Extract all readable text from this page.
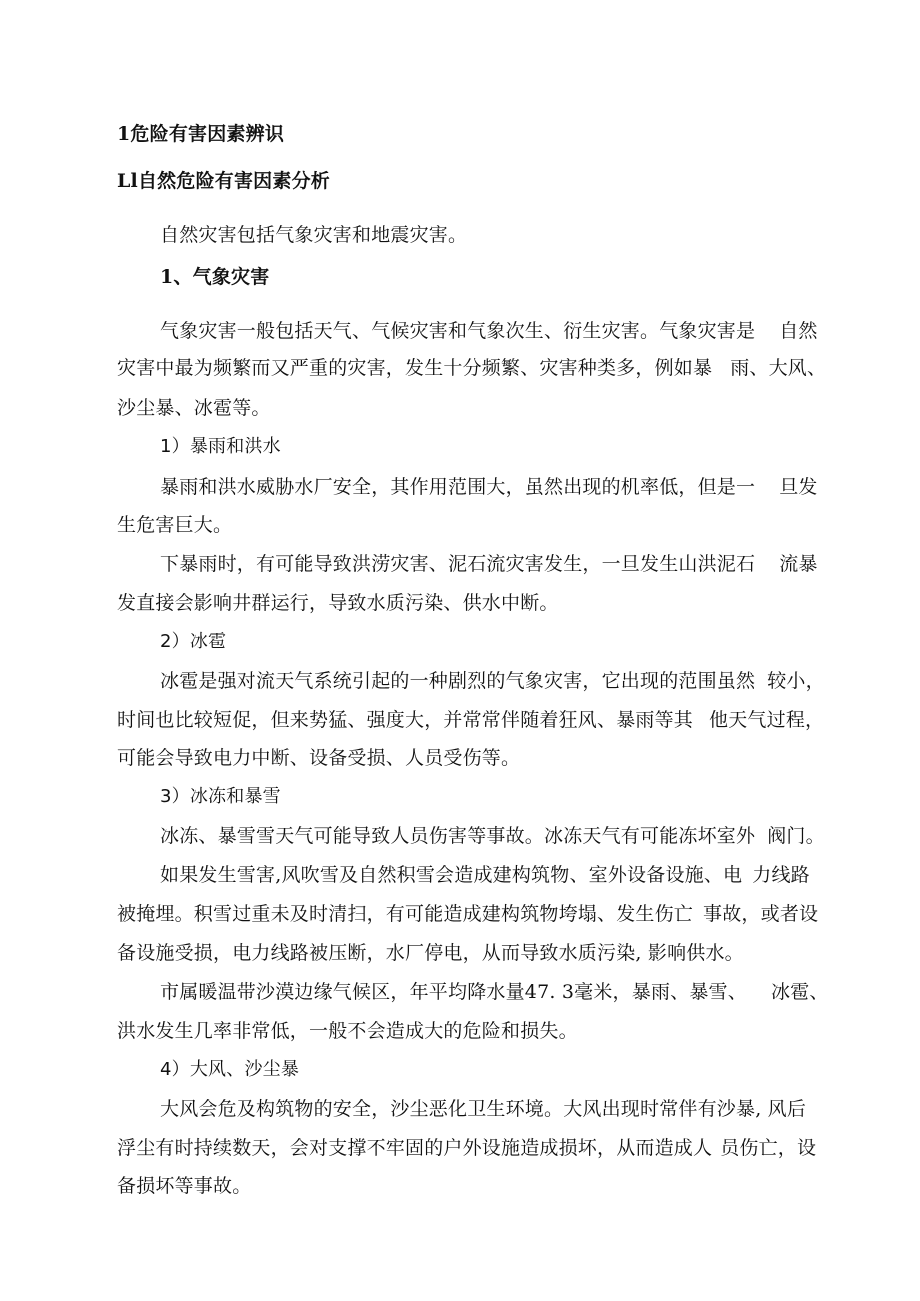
1危险有害因素辨识
Ll自然危险有害因素分析
自然灾害包括气象灾害和地震灾害。
1、气象灾害
气象灾害一般包括天气、气候灾害和气象次生、衍生灾害。气象灾害是 自然
灾害中最为频繁而又严重的灾害，发生十分频繁、灾害种类多，例如暴 雨、大风、
沙尘暴、冰雹等。
1）暴雨和洪水
暴雨和洪水威胁水厂安全，其作用范围大，虽然出现的机率低，但是一 旦发
生危害巨大。
下暴雨时，有可能导致洪涝灾害、泥石流灾害发生，一旦发生山洪泥石 流暴
发直接会影响井群运行，导致水质污染、供水中断。
2）冰雹
冰雹是强对流天气系统引起的一种剧烈的气象灾害，它出现的范围虽然 较小，
时间也比较短促，但来势猛、强度大，并常常伴随着狂风、暴雨等其 他天气过程，
可能会导致电力中断、设备受损、人员受伤等。
3）冰冻和暴雪
冰冻、暴雪雪天气可能导致人员伤害等事故。冰冻天气有可能冻坏室外 阀门。
如果发生雪害,风吹雪及自然积雪会造成建构筑物、室外设备设施、电 力线路
被掩埋。积雪过重未及时清扫，有可能造成建构筑物垮塌、发生伤亡 事故，或者设
备设施受损，电力线路被压断，水厂停电，从而导致水质污染, 影响供水。
市属暖温带沙漠边缘气候区，年平均降水量47. 3毫米，暴雨、暴雪、 冰雹、
洪水发生几率非常低，一般不会造成大的危险和损失。
4）大风、沙尘暴
大风会危及构筑物的安全，沙尘恶化卫生环境。大风出现时常伴有沙暴, 风后
浮尘有时持续数天，会对支撑不牢固的户外设施造成损坏，从而造成人 员伤亡，设
备损坏等事故。
